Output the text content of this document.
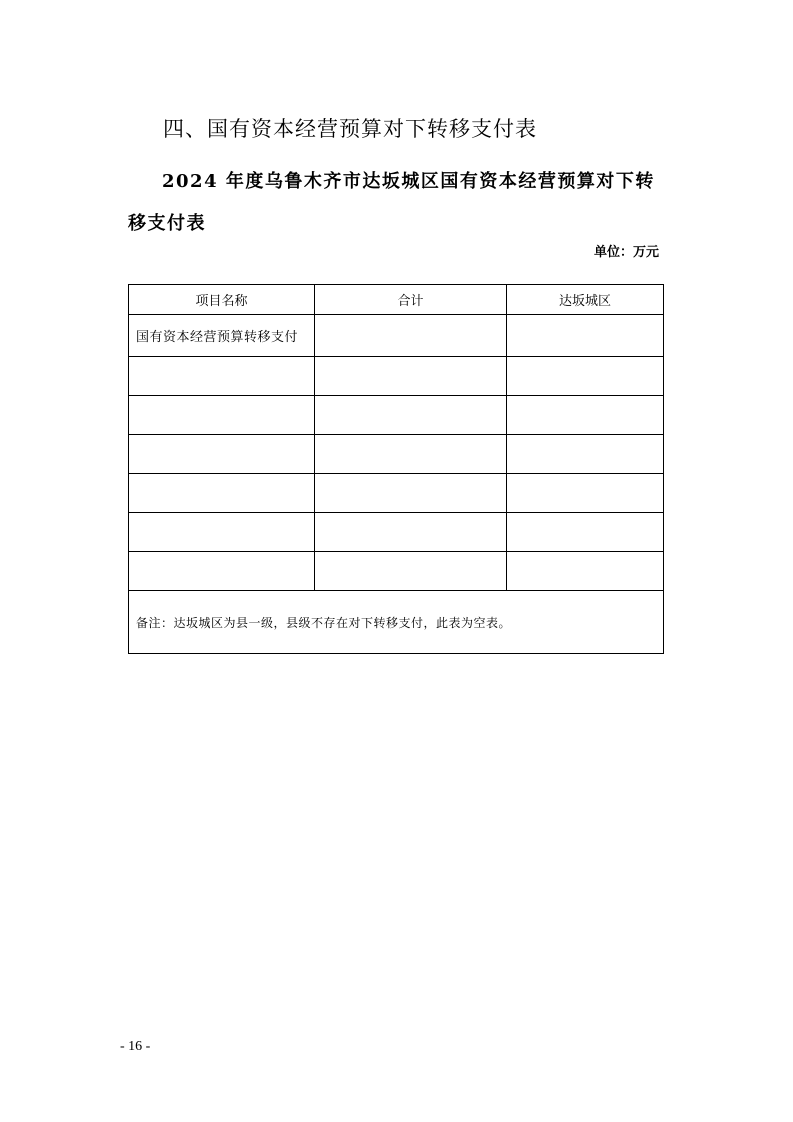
四、国有资本经营预算对下转移支付表
2024 年度乌鲁木齐市达坂城区国有资本经营预算对下转移支付表
单位：万元
项目名称	合计	达坂城区
国有资本经营预算转移支付		

备注：达坂城区为县一级，县级不存在对下转移支付，此表为空表。		
- 16 -
